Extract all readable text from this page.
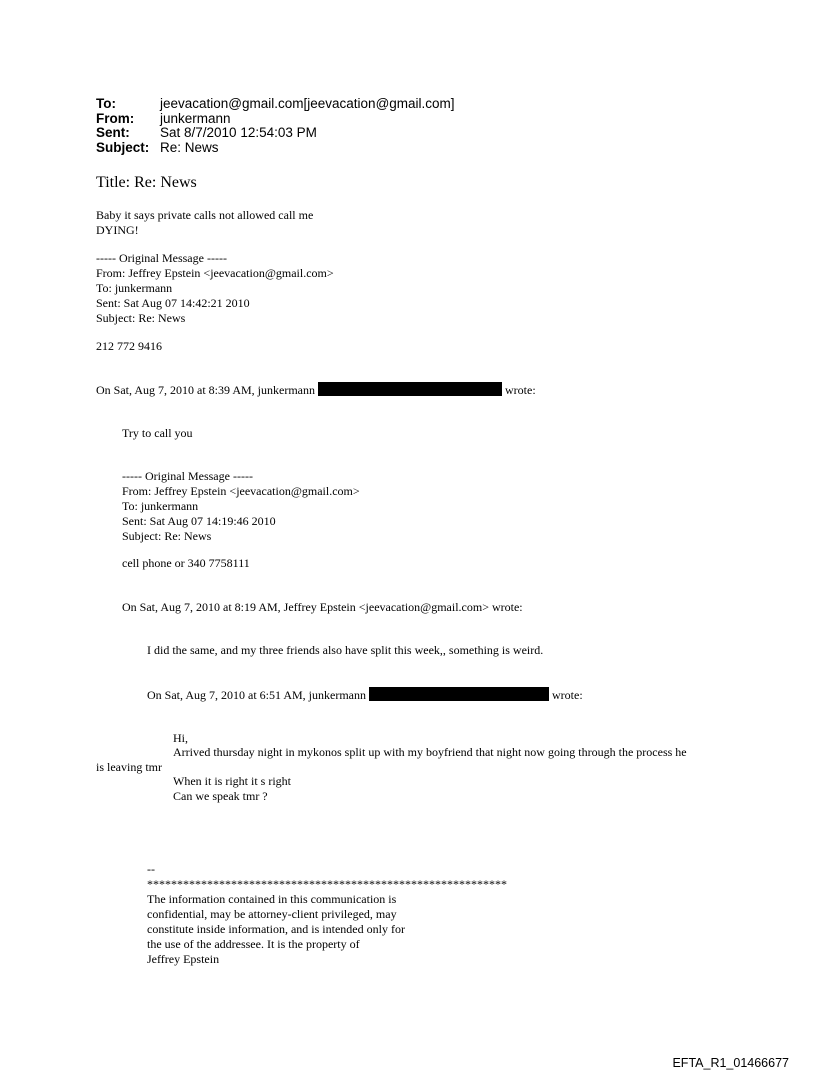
To:	jeevacation@gmail.com[jeevacation@gmail.com]
From:	junkermann
Sent:	Sat 8/7/2010 12:54:03 PM
Subject: Re: News
Title: Re: News
Baby it says private calls not allowed call me
DYING!
----- Original Message -----
From: Jeffrey Epstein <jeevacation@gmail.com>
To: junkermann
Sent: Sat Aug 07 14:42:21 2010
Subject: Re: News
212 772 9416
On Sat, Aug 7, 2010 at 8:39 AM, junkermann	wrote:
Try to call you
----- Original Message -----
From: Jeffrey Epstein <jeevacation@gmail.com>
To: junkermann
Sent: Sat Aug 07 14:19:46 2010
Subject: Re: News
cell phone or 340 7758111
On Sat, Aug 7, 2010 at 8:19 AM, Jeffrey Epstein <jeevacation@gmail.com> wrote:
I did the same, and my three friends also have split this week,, something is weird.
On Sat, Aug 7, 2010 at 6:51 AM, junkermann	wrote:
Hi,
Arrived thursday night in mykonos split up with my boyfriend that night now going through the process he
is leaving tmr
When it is right it s right
Can we speak tmr ?
--
************************************************************
The information contained in this communication is
confidential, may be attorney-client privileged, may
constitute inside information, and is intended only for
the use of the addressee. It is the property of
Jeffrey Epstein
EFTA_R1_01466677
